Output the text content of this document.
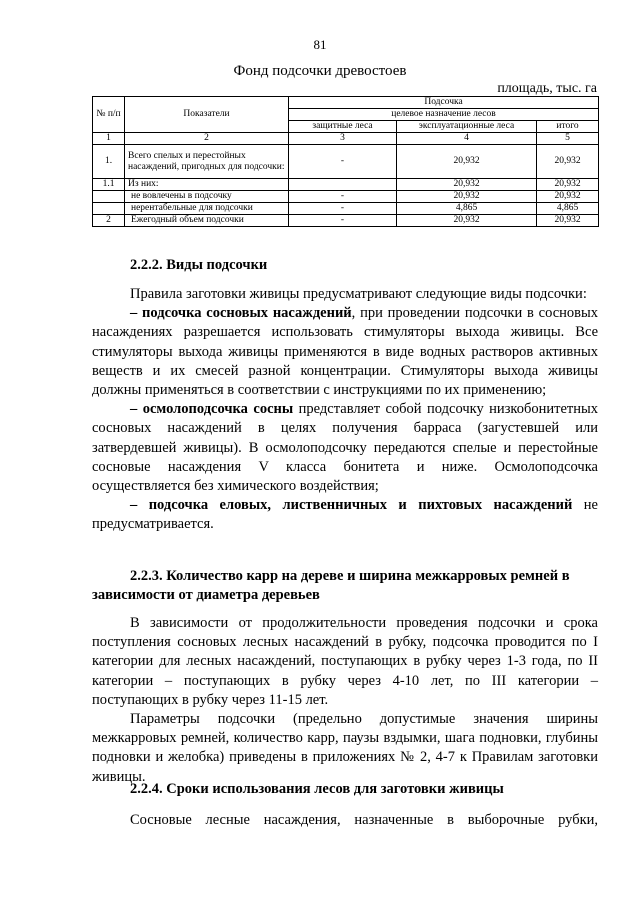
81
Фонд подсочки древостоев
площадь, тыс. га
№ п/п	Показатели	Подсочка		
		целевое назначение лесов		
		защитные леса	эксплуатационные леса	итого
1	2	3	4	5
1.	Всего спелых и перестойных насаждений, пригодных для подсочки:	-	20,932	20,932
1.1	Из них:		20,932	20,932
	не вовлечены в подсочку	-	20,932	20,932
	нерентабельные для подсочки	-	4,865	4,865
2	Ежегодный объем подсочки	-	20,932	20,932
2.2.2. Виды подсочки

Правила заготовки живицы предусматривают следующие виды подсочки:

– подсочка сосновых насаждений, при проведении подсочки в сосновых насаждениях разрешается использовать стимуляторы выхода живицы. Все стимуляторы выхода живицы применяются в виде водных растворов активных веществ и их смесей разной концентрации. Стимуляторы выхода живицы должны применяться в соответствии с инструкциями по их применению;

– осмолоподсочка сосны представляет собой подсочку низкобонитетных сосновых насаждений в целях получения барраса (загустевшей или затвердевшей живицы). В осмолоподсочку передаются спелые и перестойные сосновые насаждения V класса бонитета и ниже. Осмолоподсочка осуществляется без химического воздействия;

– подсочка еловых, лиственничных и пихтовых насаждений не предусматривается.

2.2.3. Количество карр на дереве и ширина межкарровых ремней в зависимости от диаметра деревьев

В зависимости от продолжительности проведения подсочки и срока поступления сосновых лесных насаждений в рубку, подсочка проводится по I категории для лесных насаждений, поступающих в рубку через 1-3 года, по II категории – поступающих в рубку через 4-10 лет, по III категории – поступающих в рубку через 11-15 лет.

Параметры подсочки (предельно допустимые значения ширины межкарровых ремней, количество карр, паузы вздымки, шага подновки, глубины подновки и желобка) приведены в приложениях № 2, 4-7 к Правилам заготовки живицы.

2.2.4. Сроки использования лесов для заготовки живицы

Сосновые лесные насаждения, назначенные в выборочные рубки,
